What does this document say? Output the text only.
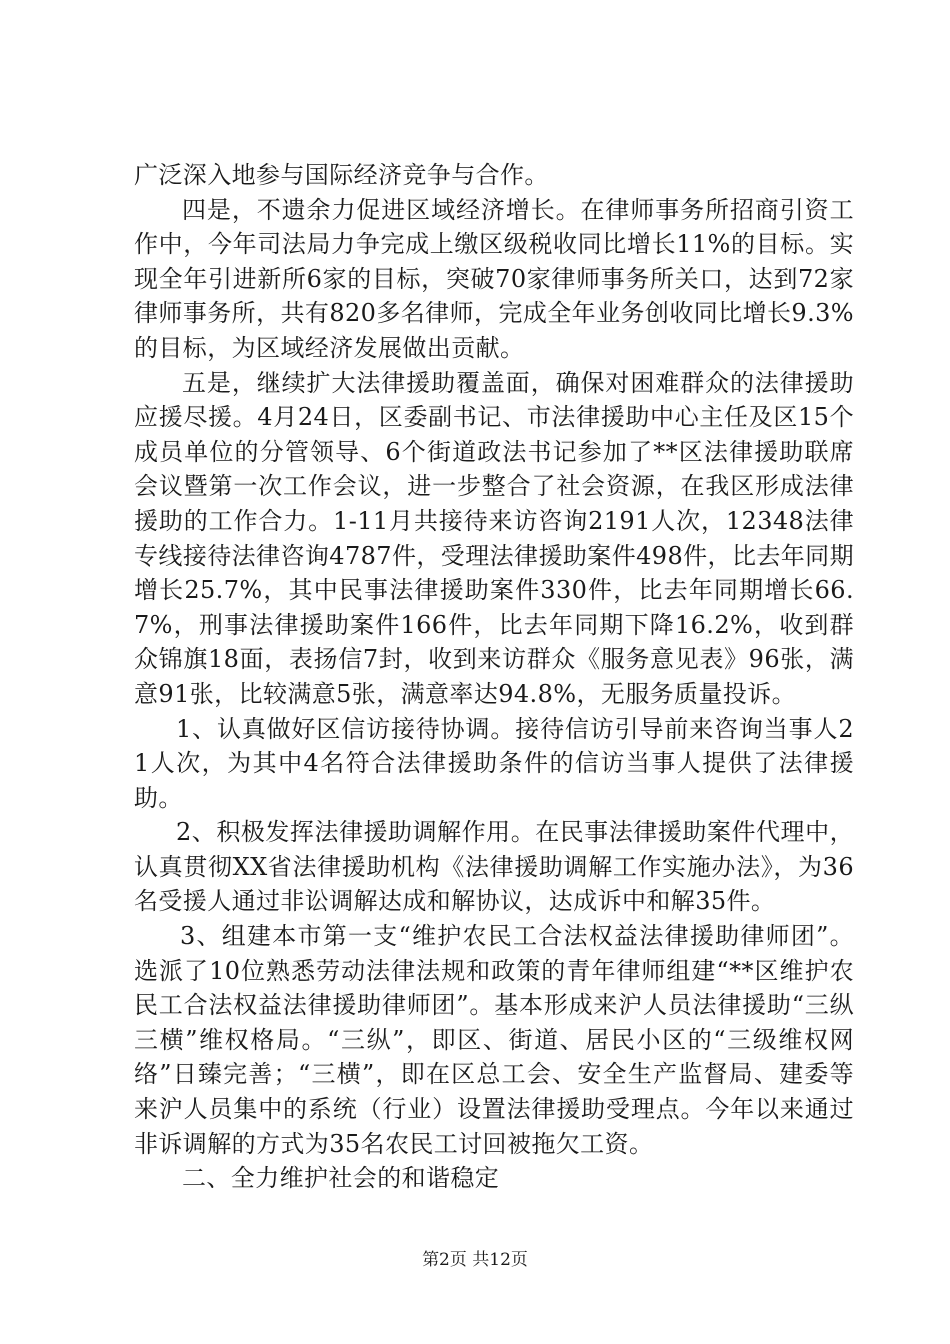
广泛深入地参与国际经济竞争与合作。

四是，不遗余力促进区域经济增长。在律师事务所招商引资工作中，今年司法局力争完成上缴区级税收同比增长11%的目标。实现全年引进新所6家的目标，突破70家律师事务所关口，达到72家律师事务所，共有820多名律师，完成全年业务创收同比增长9.3%的目标，为区域经济发展做出贡献。

五是，继续扩大法律援助覆盖面，确保对困难群众的法律援助应援尽援。4月24日，区委副书记、市法律援助中心主任及区15个成员单位的分管领导、6个街道政法书记参加了**区法律援助联席会议暨第一次工作会议，进一步整合了社会资源，在我区形成法律援助的工作合力。1-11月共接待来访咨询2191人次，12348法律专线接待法律咨询4787件，受理法律援助案件498件，比去年同期增长25.7%，其中民事法律援助案件330件，比去年同期增长66.7%，刑事法律援助案件166件，比去年同期下降16.2%，收到群众锦旗18面，表扬信7封，收到来访群众《服务意见表》96张，满意91张，比较满意5张，满意率达94.8%，无服务质量投诉。

1、认真做好区信访接待协调。接待信访引导前来咨询当事人21人次，为其中4名符合法律援助条件的信访当事人提供了法律援助。

2、积极发挥法律援助调解作用。在民事法律援助案件代理中，认真贯彻XX省法律援助机构《法律援助调解工作实施办法》，为36名受援人通过非讼调解达成和解协议，达成诉中和解35件。

3、组建本市第一支“维护农民工合法权益法律援助律师团”。选派了10位熟悉劳动法律法规和政策的青年律师组建“**区维护农民工合法权益法律援助律师团”。基本形成来沪人员法律援助“三纵三横”维权格局。“三纵”，即区、街道、居民小区的“三级维权网络”日臻完善；“三横”，即在区总工会、安全生产监督局、建委等来沪人员集中的系统（行业）设置法律援助受理点。今年以来通过非诉调解的方式为35名农民工讨回被拖欠工资。

二、全力维护社会的和谐稳定

第2页 共12页
